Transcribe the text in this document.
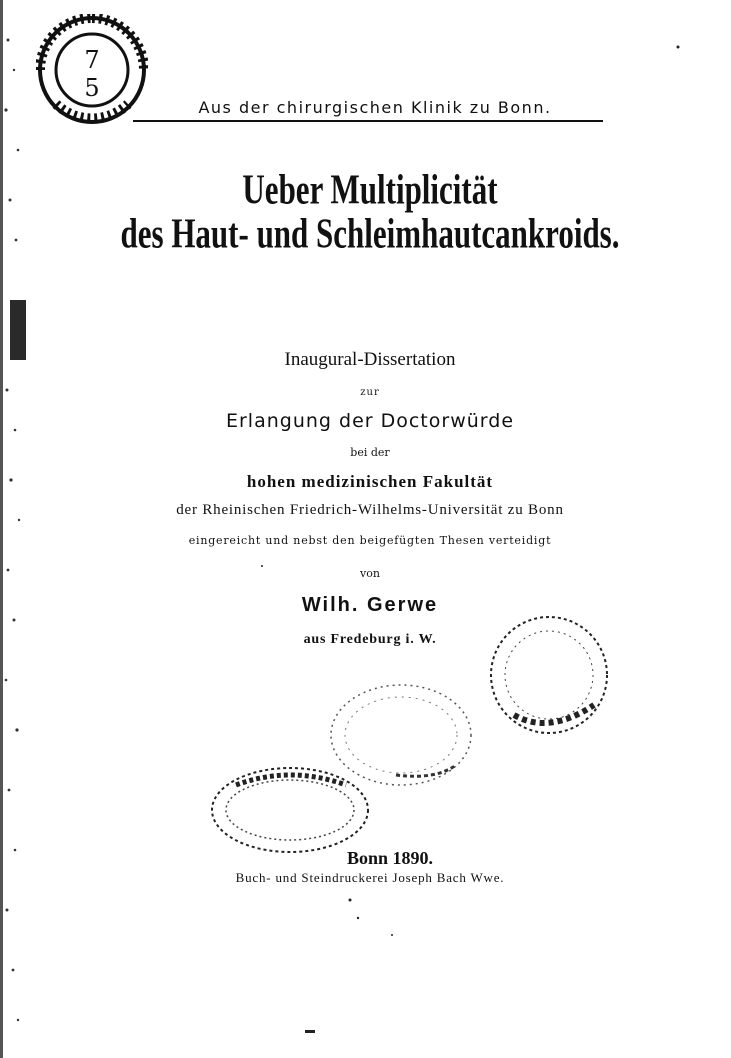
7
5
Aus der chirurgischen Klinik zu Bonn.
Ueber Multiplicität
des Haut- und Schleimhautcankroids.
Inaugural-Dissertation
zur
Erlangung der Doctorwürde
bei der
hohen medizinischen Fakultät
der Rheinischen Friedrich-Wilhelms-Universität zu Bonn
eingereicht und nebst den beigefügten Thesen verteidigt
von
Wilh. Gerwe
aus Fredeburg i. W.
Bonn 1890.
Buch- und Steindruckerei Joseph Bach Wwe.
